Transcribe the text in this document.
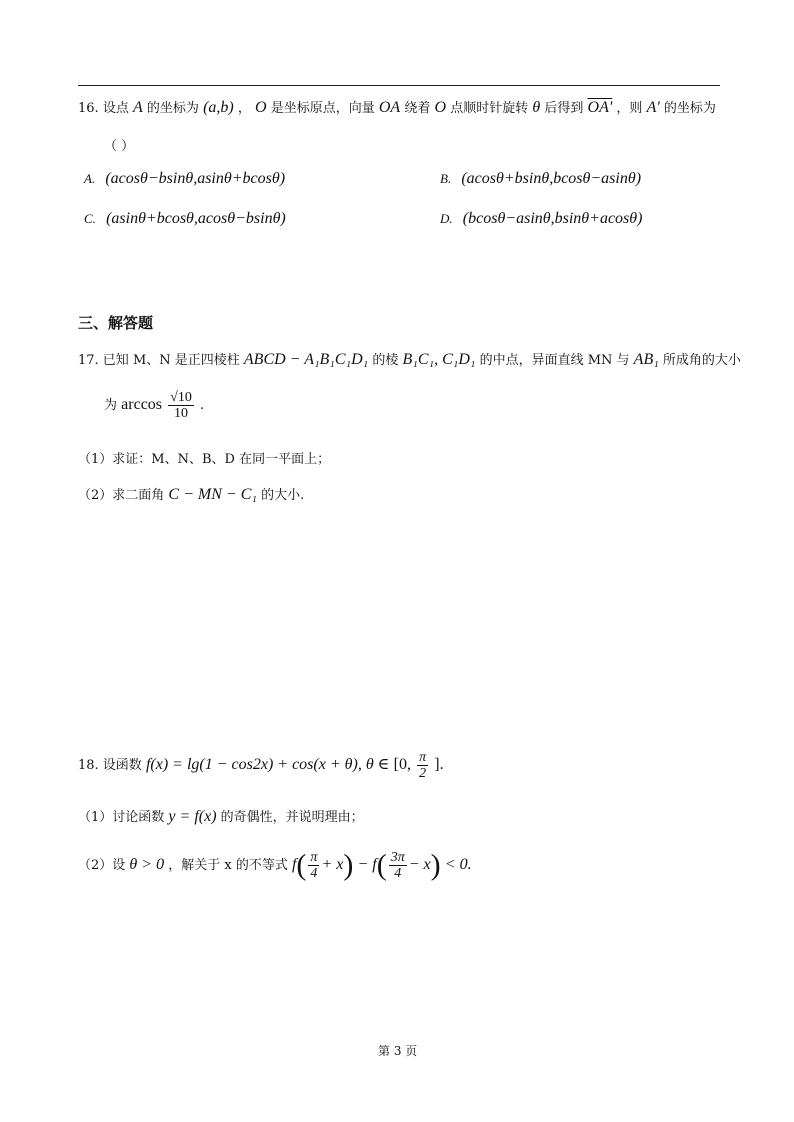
16. 设点 A 的坐标为 (a,b) ， O 是坐标原点，向量 OA 绕着 O 点顺时针旋转 θ 后得到 OA' ，则 A' 的坐标为
（ ）
A. (acosθ−bsinθ,asinθ+bcosθ)	B. (acosθ+bsinθ,bcosθ−asinθ)
C. (asinθ+bcosθ,acosθ−bsinθ)	D. (bcosθ−asinθ,bsinθ+acosθ)
三、解答题
17. 已知 M、N 是正四棱柱 ABCD − A₁B₁C₁D₁ 的棱 B₁C₁, C₁D₁ 的中点，异面直线 MN 与 AB₁ 所成角的大小
为 $\arccos \frac{√10}{10}$ .
（1）求证：M、N、B、D 在同一平面上；
（2）求二面角 C − MN − C₁ 的大小.
18. 设函数 f(x) = lg(1 − cos2x) + cos(x + θ), θ ∈ [0, $\frac{\pi}{2}$ ].
（1）讨论函数 y = f(x) 的奇偶性，并说明理由；
（2）设 θ > 0 ，解关于 x 的不等式 $f( \frac{\pi}{4} + x) - f( \frac{3\pi}{4} - x) < 0$.
第 3 页
